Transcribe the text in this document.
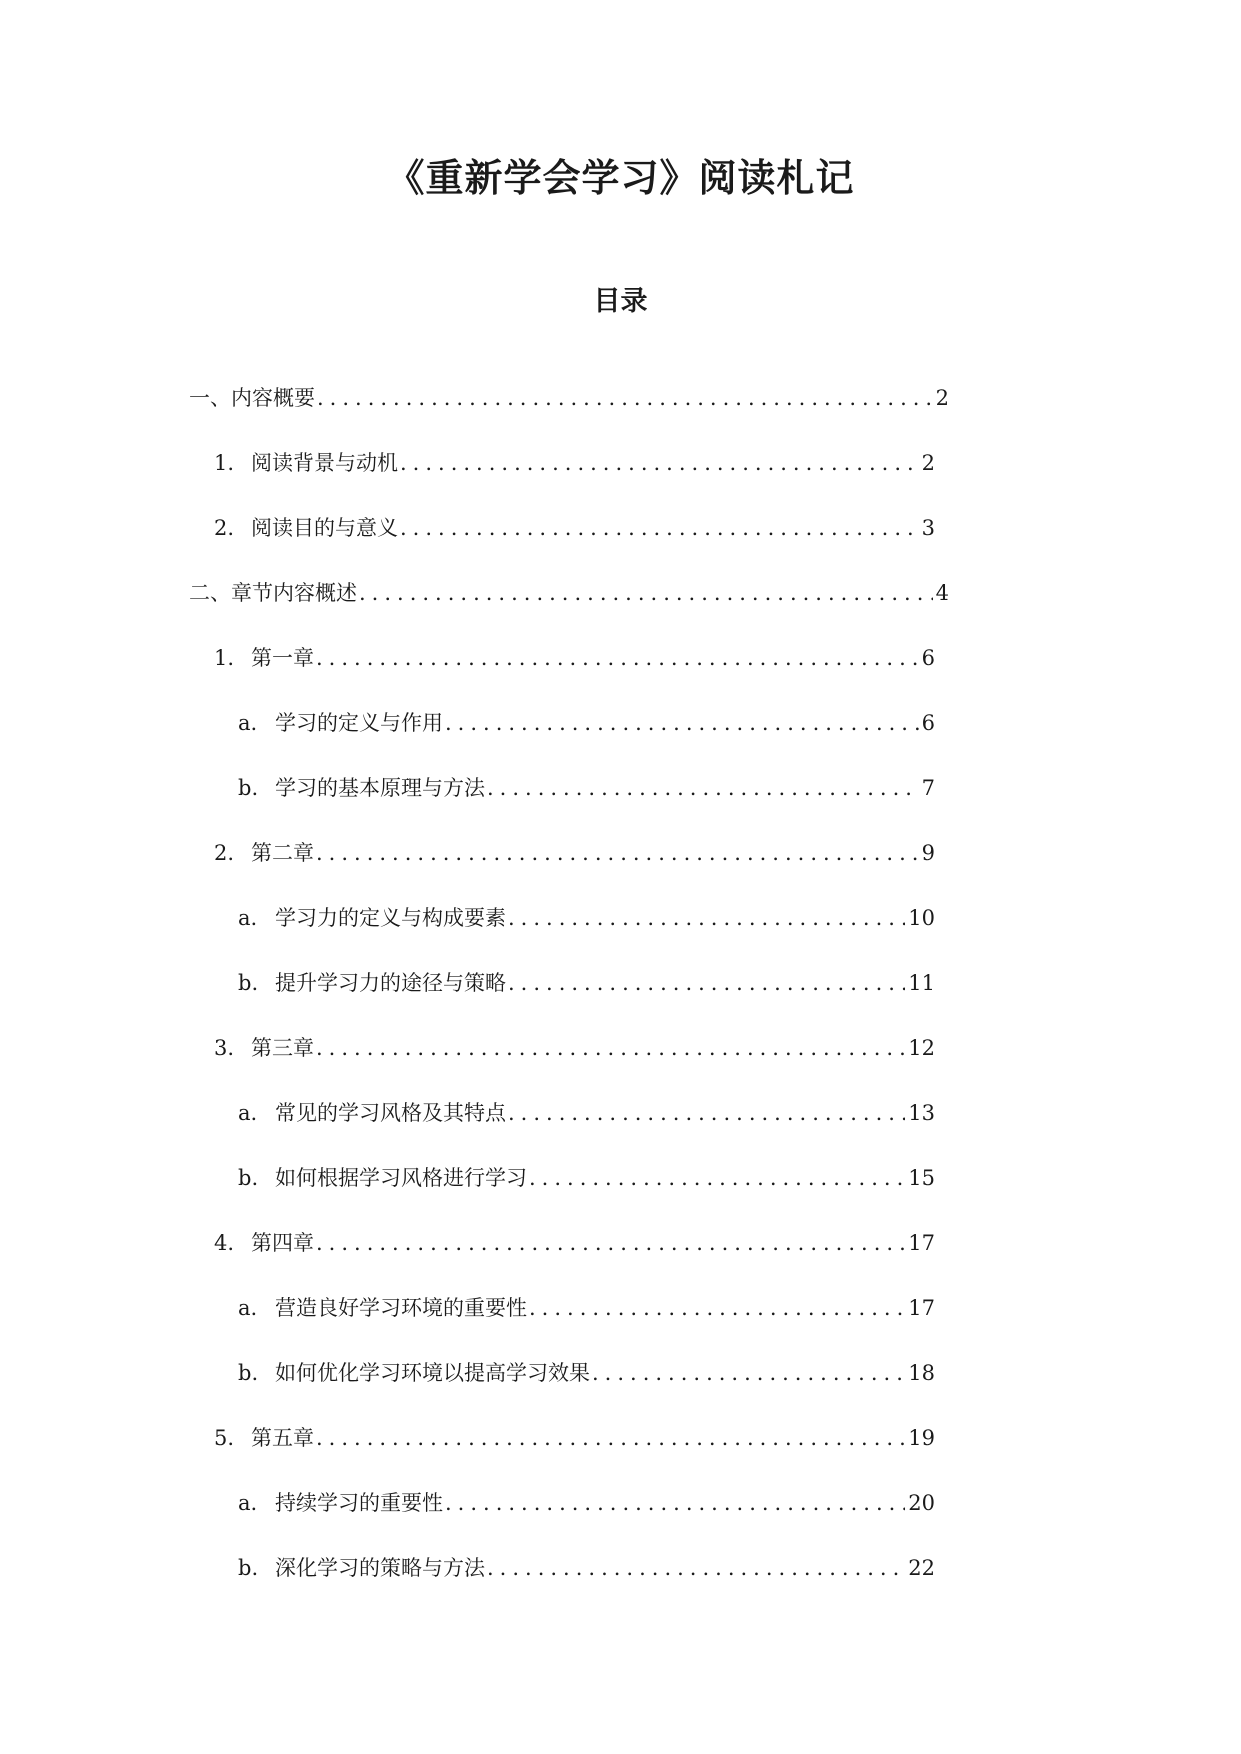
《重新学会学习》阅读札记
目录
一、 内容概要 .....	2
1. 阅读背景与动机 .....	2
2. 阅读目的与意义 .....	3
二、 章节内容概述 .....	4
1. 第一章 .....	6
a. 学习的定义与作用 .....	6
b. 学习的基本原理与方法 .....	7
2. 第二章 .....	9
a. 学习力的定义与构成要素 .....	10
b. 提升学习力的途径与策略 .....	11
3. 第三章 .....	12
a. 常见的学习风格及其特点 .....	13
b. 如何根据学习风格进行学习 .....	15
4. 第四章 .....	17
a. 营造良好学习环境的重要性 .....	17
b. 如何优化学习环境以提高学习效果 .....	18
5. 第五章 .....	19
a. 持续学习的重要性 .....	20
b. 深化学习的策略与方法 .....	22
